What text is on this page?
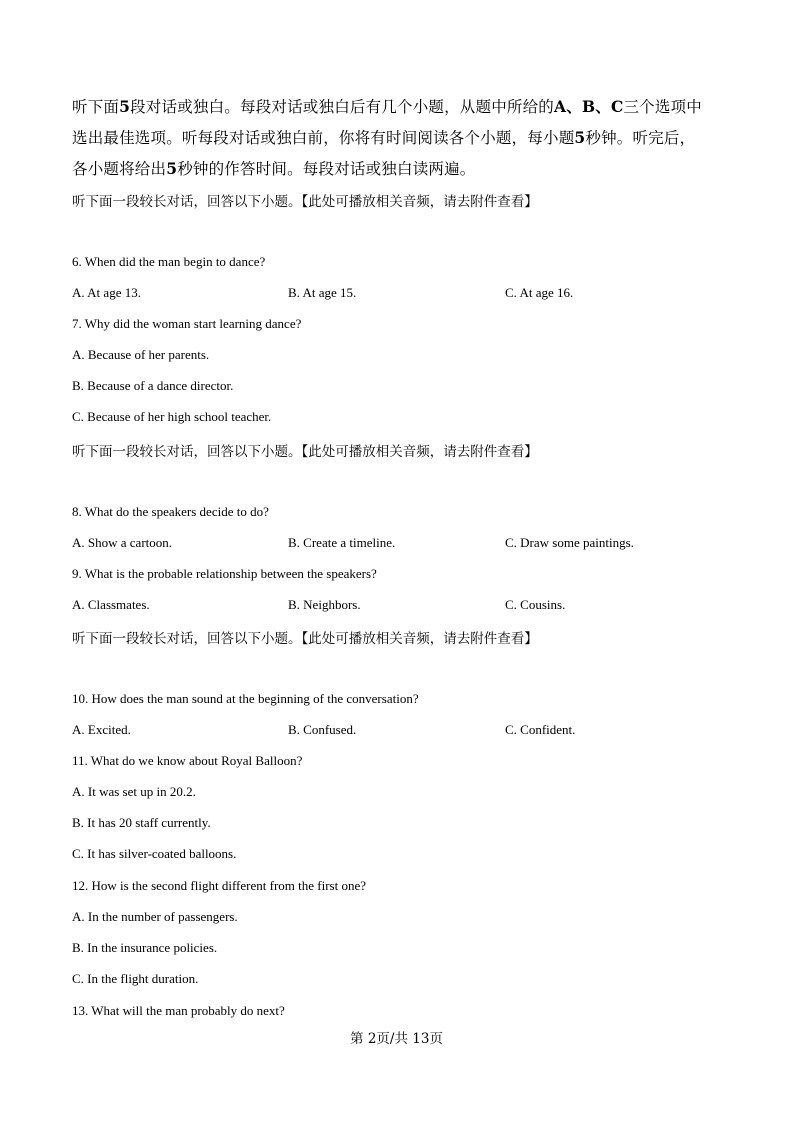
听下面5段对话或独白。每段对话或独白后有几个小题，从题中所给的A、B、C三个选项中
选出最佳选项。听每段对话或独白前，你将有时间阅读各个小题，每小题5秒钟。听完后，
各小题将给出5秒钟的作答时间。每段对话或独白读两遍。
听下面一段较长对话，回答以下小题。【此处可播放相关音频，请去附件查看】
6. When did the man begin to dance?
A. At age 13.	B. At age 15.	C. At age 16.
7. Why did the woman start learning dance?
A. Because of her parents.
B. Because of a dance director.
C. Because of her high school teacher.
听下面一段较长对话，回答以下小题。【此处可播放相关音频，请去附件查看】
8. What do the speakers decide to do?
A. Show a cartoon.	B. Create a timeline.	C. Draw some paintings.
9. What is the probable relationship between the speakers?
A. Classmates.	B. Neighbors.	C. Cousins.
听下面一段较长对话，回答以下小题。【此处可播放相关音频，请去附件查看】
10. How does the man sound at the beginning of the conversation?
A. Excited.	B. Confused.	C. Confident.
11. What do we know about Royal Balloon?
A. It was set up in 20.2.
B. It has 20 staff currently.
C. It has silver-coated balloons.
12. How is the second flight different from the first one?
A. In the number of passengers.
B. In the insurance policies.
C. In the flight duration.
13. What will the man probably do next?
第 2页/共 13页
